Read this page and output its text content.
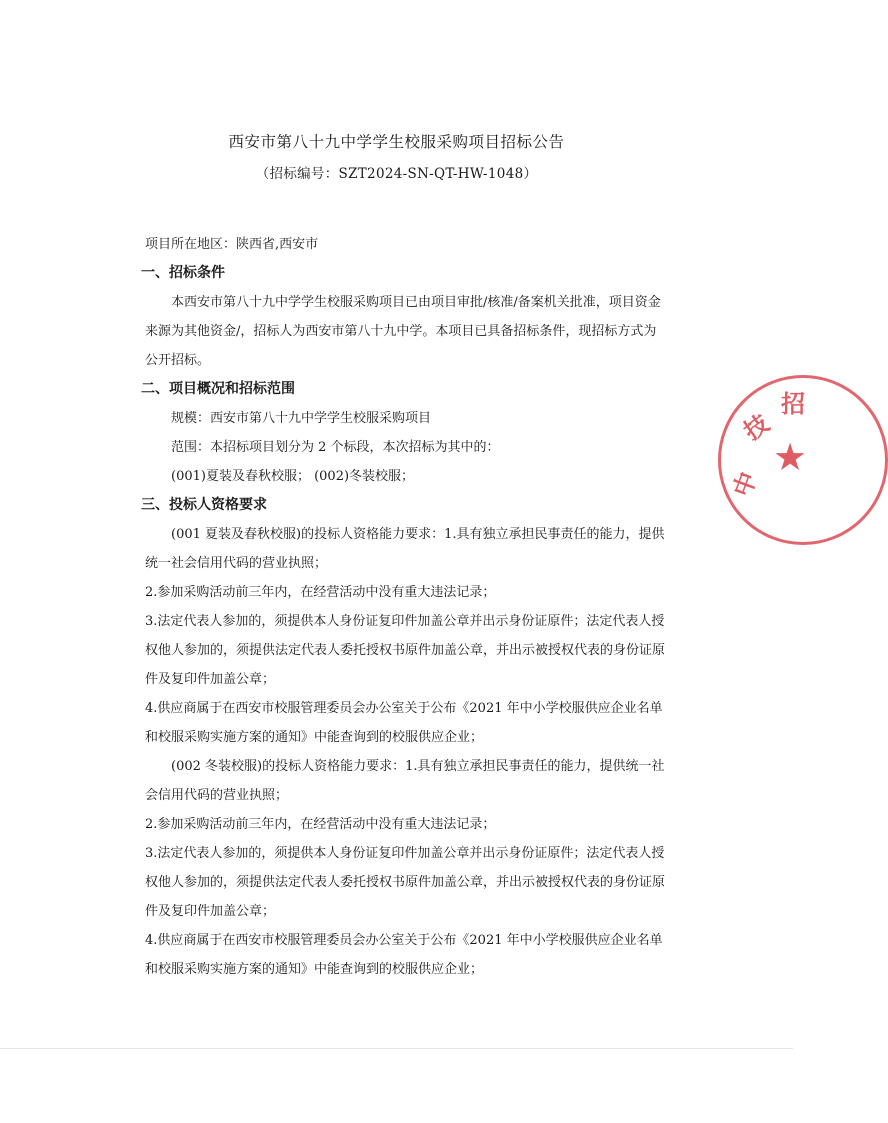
西安市第八十九中学学生校服采购项目招标公告
（招标编号：SZT2024-SN-QT-HW-1048）
项目所在地区：陕西省,西安市
一、招标条件
本西安市第八十九中学学生校服采购项目已由项目审批/核准/备案机关批准，项目资金
来源为其他资金/，招标人为西安市第八十九中学。本项目已具备招标条件，现招标方式为
公开招标。
二、项目概况和招标范围
规模：西安市第八十九中学学生校服采购项目
范围：本招标项目划分为 2 个标段，本次招标为其中的：
(001)夏装及春秋校服； (002)冬装校服；
三、投标人资格要求
(001 夏装及春秋校服)的投标人资格能力要求：1.具有独立承担民事责任的能力，提供
统一社会信用代码的营业执照；
2.参加采购活动前三年内，在经营活动中没有重大违法记录；
3.法定代表人参加的，须提供本人身份证复印件加盖公章并出示身份证原件；法定代表人授
权他人参加的，须提供法定代表人委托授权书原件加盖公章，并出示被授权代表的身份证原
件及复印件加盖公章；
4.供应商属于在西安市校服管理委员会办公室关于公布《2021 年中小学校服供应企业名单
和校服采购实施方案的通知》中能查询到的校服供应企业；
(002 冬装校服)的投标人资格能力要求：1.具有独立承担民事责任的能力，提供统一社
会信用代码的营业执照；
2.参加采购活动前三年内，在经营活动中没有重大违法记录；
3.法定代表人参加的，须提供本人身份证复印件加盖公章并出示身份证原件；法定代表人授
权他人参加的，须提供法定代表人委托授权书原件加盖公章，并出示被授权代表的身份证原
件及复印件加盖公章；
4.供应商属于在西安市校服管理委员会办公室关于公布《2021 年中小学校服供应企业名单
和校服采购实施方案的通知》中能查询到的校服供应企业；
★
中
技
招
